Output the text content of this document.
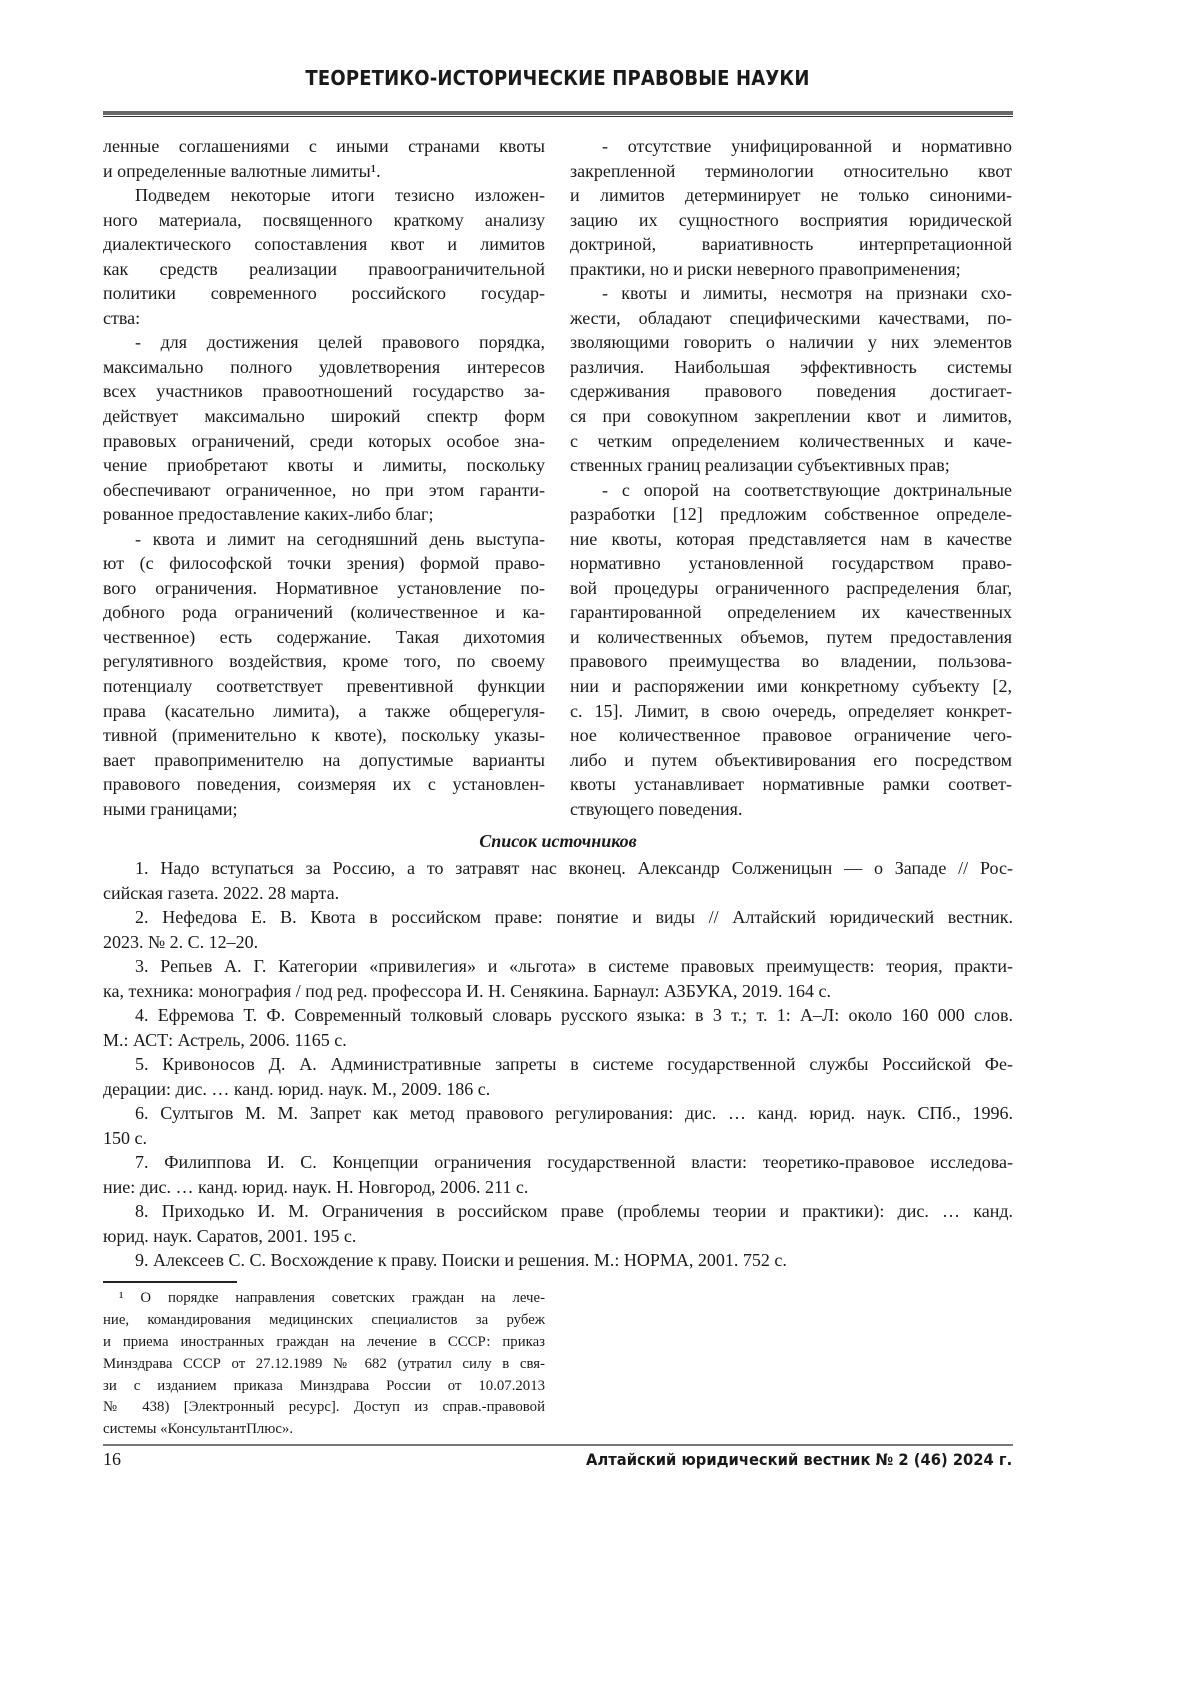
ТЕОРЕТИКО-ИСТОРИЧЕСКИЕ ПРАВОВЫЕ НАУКИ
ленные соглашениями с иными странами квоты
и определенные валютные лимиты¹.
Подведем некоторые итоги тезисно изложен-
ного материала, посвященного краткому анализу
диалектического сопоставления квот и лимитов
как средств реализации правоограничительной
политики современного российского государ-
ства:
- для достижения целей правового порядка,
максимально полного удовлетворения интересов
всех участников правоотношений государство за-
действует максимально широкий спектр форм
правовых ограничений, среди которых особое зна-
чение приобретают квоты и лимиты, поскольку
обеспечивают ограниченное, но при этом гаранти-
рованное предоставление каких-либо благ;
- квота и лимит на сегодняшний день выступа-
ют (с философской точки зрения) формой право-
вого ограничения. Нормативное установление по-
добного рода ограничений (количественное и ка-
чественное) есть содержание. Такая дихотомия
регулятивного воздействия, кроме того, по своему
потенциалу соответствует превентивной функции
права (касательно лимита), а также общерегуля-
тивной (применительно к квоте), поскольку указы-
вает правоприменителю на допустимые варианты
правового поведения, соизмеряя их с установлен-
ными границами;
- отсутствие унифицированной и нормативно
закрепленной терминологии относительно квот
и лимитов детерминирует не только синоними-
зацию их сущностного восприятия юридической
доктриной, вариативность интерпретационной
практики, но и риски неверного правоприменения;
- квоты и лимиты, несмотря на признаки схо-
жести, обладают специфическими качествами, по-
зволяющими говорить о наличии у них элементов
различия. Наибольшая эффективность системы
сдерживания правового поведения достигает-
ся при совокупном закреплении квот и лимитов,
с четким определением количественных и каче-
ственных границ реализации субъективных прав;
- с опорой на соответствующие доктринальные
разработки [12] предложим собственное определе-
ние квоты, которая представляется нам в качестве
нормативно установленной государством право-
вой процедуры ограниченного распределения благ,
гарантированной определением их качественных
и количественных объемов, путем предоставления
правового преимущества во владении, пользова-
нии и распоряжении ими конкретному субъекту [2,
с. 15]. Лимит, в свою очередь, определяет конкрет-
ное количественное правовое ограничение чего-
либо и путем объективирования его посредством
квоты устанавливает нормативные рамки соответ-
ствующего поведения.
Список источников
1. Надо вступаться за Россию, а то затравят нас вконец. Александр Солженицын — о Западе // Рос-
сийская газета. 2022. 28 марта.
2. Нефедова Е. В. Квота в российском праве: понятие и виды // Алтайский юридический вестник.
2023. № 2. С. 12–20.
3. Репьев А. Г. Категории «привилегия» и «льгота» в системе правовых преимуществ: теория, практи-
ка, техника: монография / под ред. профессора И. Н. Сенякина. Барнаул: АЗБУКА, 2019. 164 с.
4. Ефремова Т. Ф. Современный толковый словарь русского языка: в 3 т.; т. 1: А–Л: около 160 000 слов.
М.: АСТ: Астрель, 2006. 1165 с.
5. Кривоносов Д. А. Административные запреты в системе государственной службы Российской Фе-
дерации: дис. … канд. юрид. наук. М., 2009. 186 с.
6. Султыгов М. М. Запрет как метод правового регулирования: дис. … канд. юрид. наук. СПб., 1996.
150 с.
7. Филиппова И. С. Концепции ограничения государственной власти: теоретико-правовое исследова-
ние: дис. … канд. юрид. наук. Н. Новгород, 2006. 211 с.
8. Приходько И. М. Ограничения в российском праве (проблемы теории и практики): дис. … канд.
юрид. наук. Саратов, 2001. 195 с.
9. Алексеев С. С. Восхождение к праву. Поиски и решения. М.: НОРМА, 2001. 752 с.
¹ О порядке направления советских граждан на лече-
ние, командирования медицинских специалистов за рубеж
и приема иностранных граждан на лечение в СССР: приказ
Минздрава СССР от 27.12.1989 № 682 (утратил силу в свя-
зи с изданием приказа Минздрава России от 10.07.2013
№ 438) [Электронный ресурс]. Доступ из справ.-правовой
системы «КонсультантПлюс».
16	Алтайский юридический вестник № 2 (46) 2024 г.
